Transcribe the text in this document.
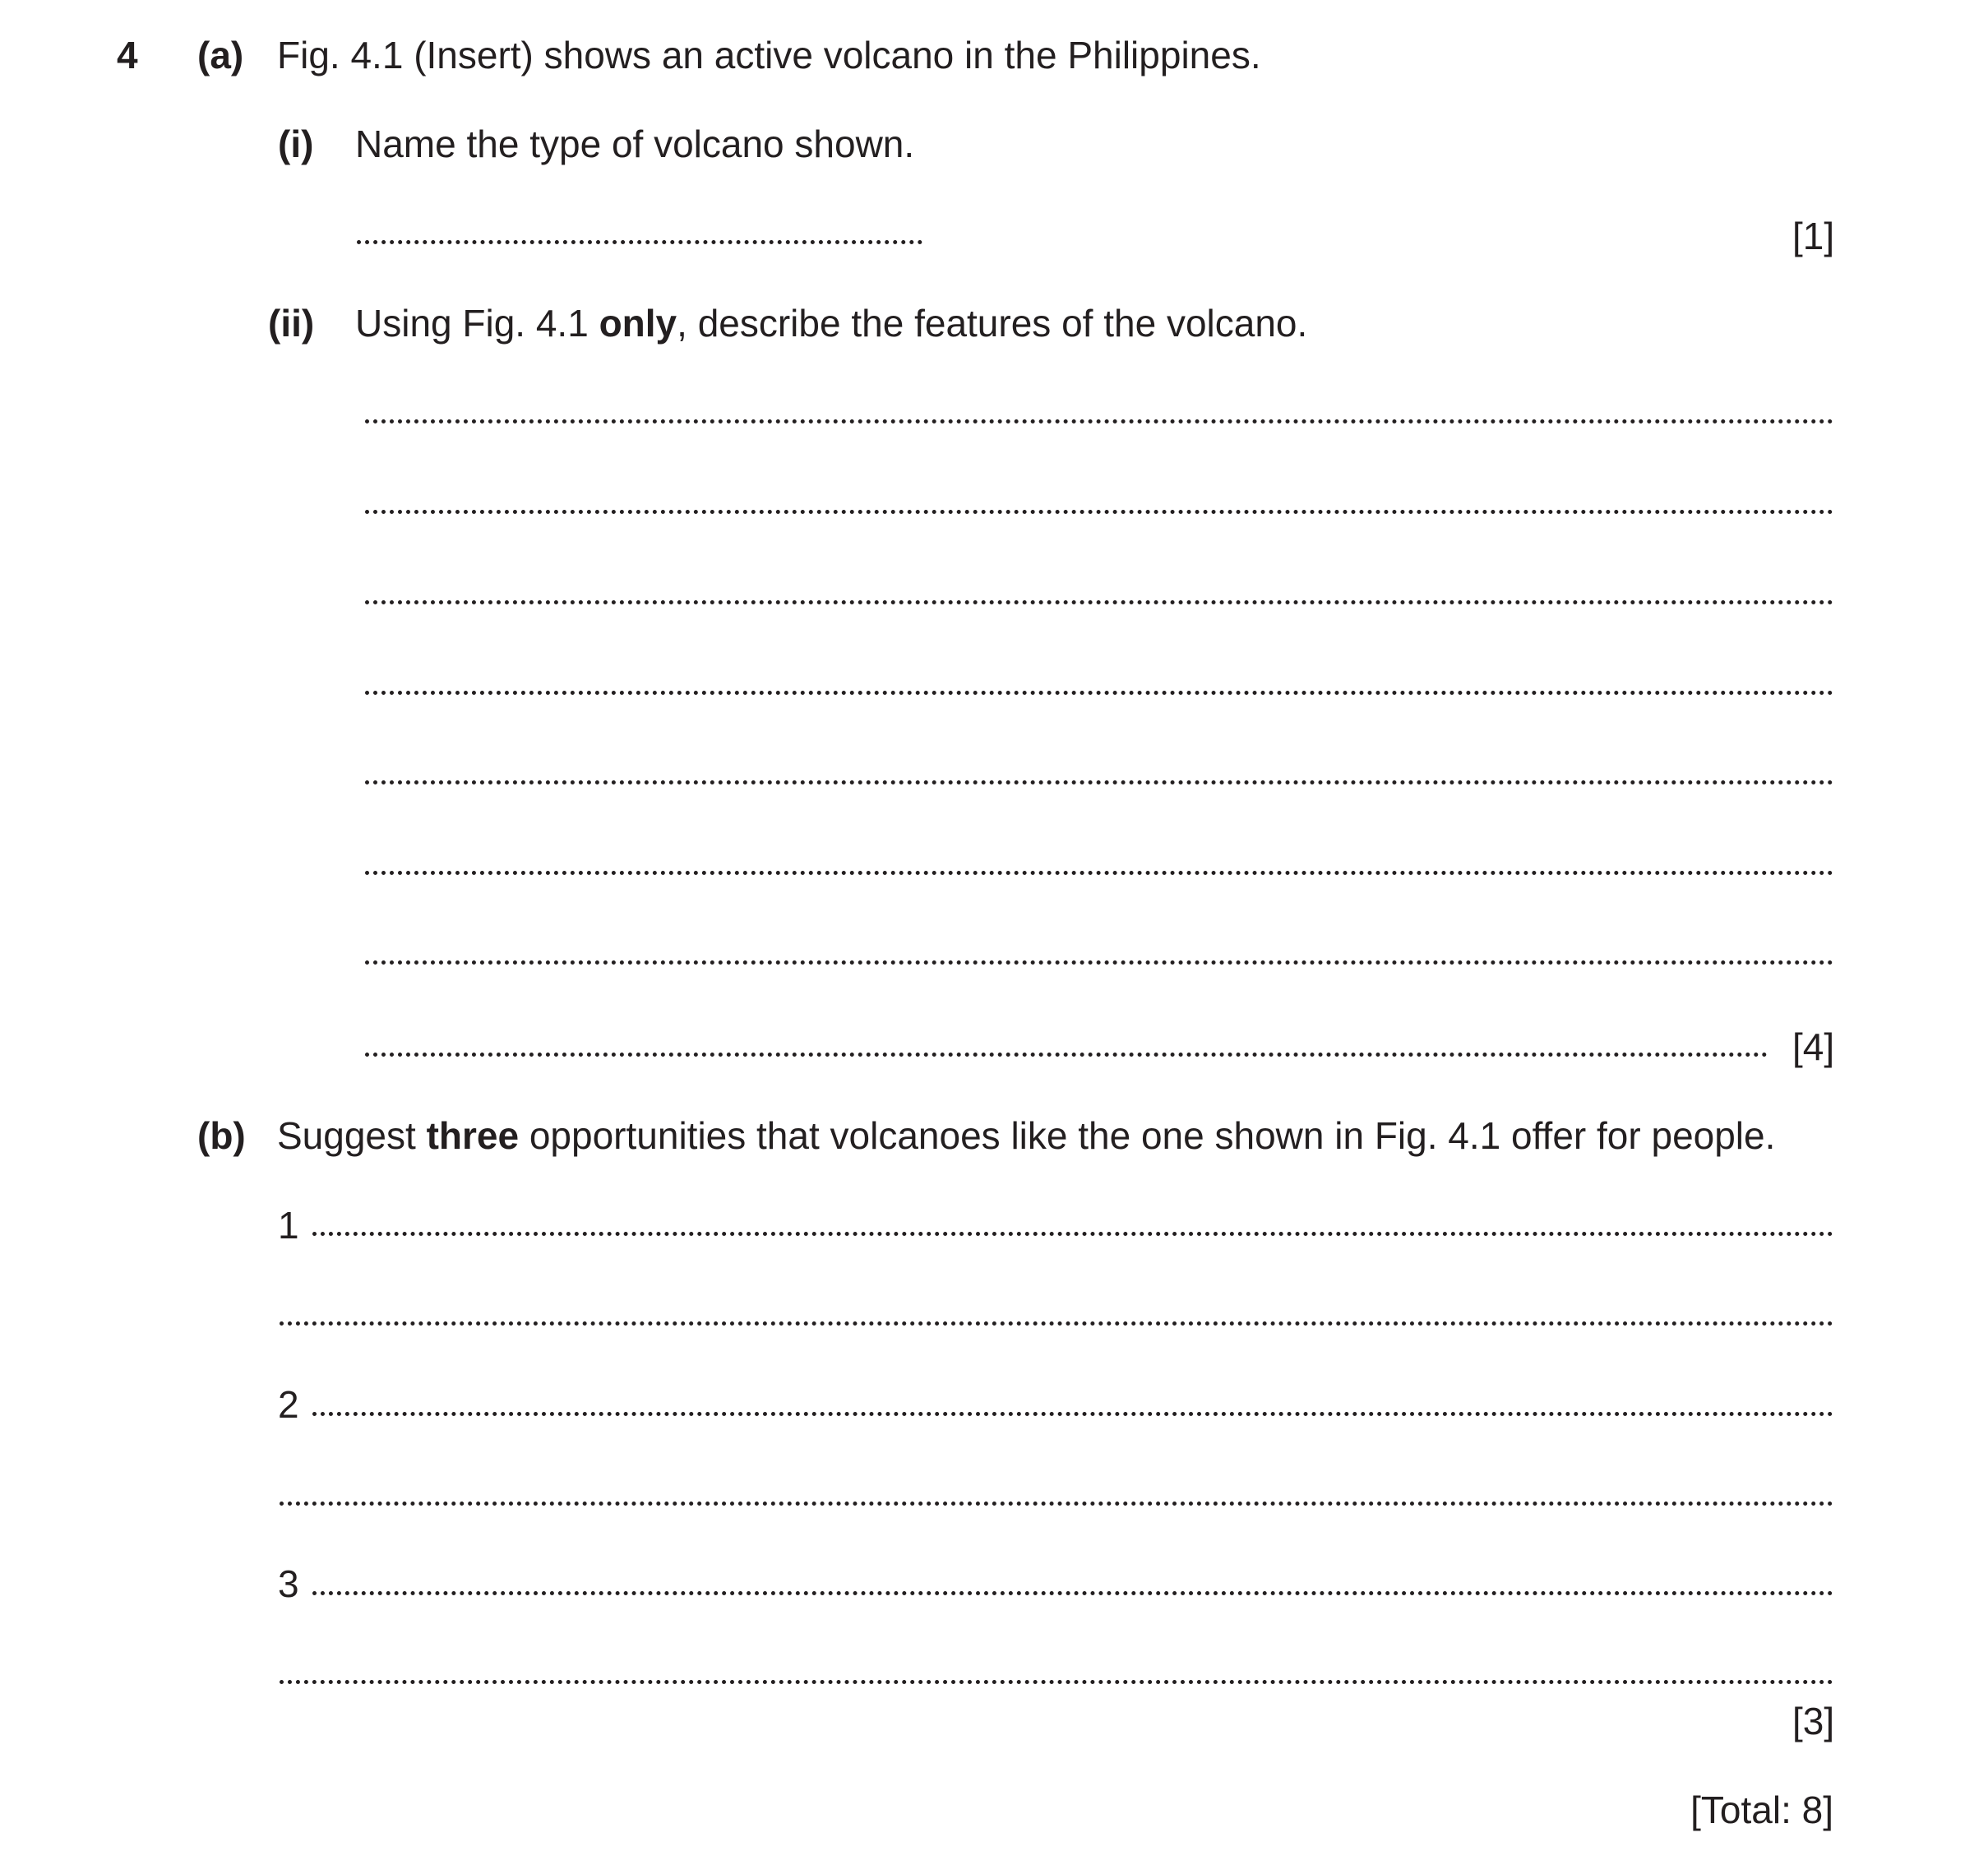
4 (a) Fig. 4.1 (Insert) shows an active volcano in the Philippines.
(i) Name the type of volcano shown.
[1]
(ii) Using Fig. 4.1 only, describe the features of the volcano.
[4]
(b) Suggest three opportunities that volcanoes like the one shown in Fig. 4.1 offer for people.
1
2
3
[3]
[Total: 8]
